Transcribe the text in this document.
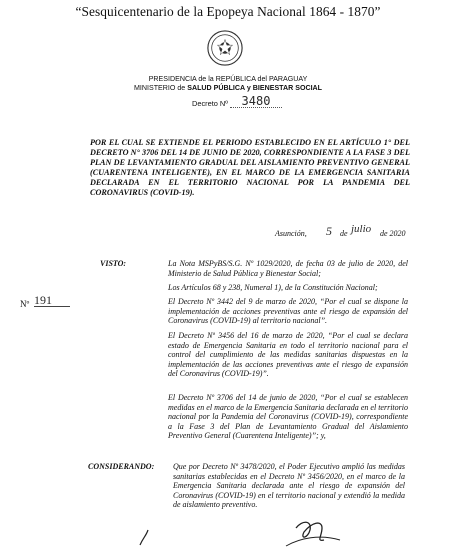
“Sesquicentenario de la Epopeya Nacional 1864 - 1870”
PRESIDENCIA de la REPÚBLICA del PARAGUAY
MINISTERIO de SALUD PÚBLICA y BIENESTAR SOCIAL
Decreto Nº	3480
POR EL CUAL SE EXTIENDE EL PERIODO ESTABLECIDO EN EL ARTÍCULO 1° DEL DECRETO N° 3706 DEL 14 DE JUNIO DE 2020, CORRESPONDIENTE A LA FASE 3 DEL PLAN DE LEVANTAMIENTO GRADUAL DEL AISLAMIENTO PREVENTIVO GENERAL (CUARENTENA INTELIGENTE), EN EL MARCO DE LA EMERGENCIA SANITARIA DECLARADA EN EL TERRITORIO NACIONAL POR LA PANDEMIA DEL CORONAVIRUS (COVID-19).
Asunción, 5 de julio de 2020
VISTO:	La Nota MSPyBS/S.G. Nº 1029/2020, de fecha 03 de julio de 2020, del Ministerio de Salud Pública y Bienestar Social;
Los Artículos 68 y 238, Numeral 1), de la Constitución Nacional;
El Decreto Nº 3442 del 9 de marzo de 2020, “Por el cual se dispone la implementación de acciones preventivas ante el riesgo de expansión del Coronavirus (COVID-19) al territorio nacional”.
El Decreto Nº 3456 del 16 de marzo de 2020, “Por el cual se declara estado de Emergencia Sanitaria en todo el territorio nacional para el control del cumplimiento de las medidas sanitarias dispuestas en la implementación de las acciones preventivas ante el riesgo de expansión del Coronavirus (COVID-19)”.
El Decreto Nº 3706 del 14 de junio de 2020, “Por el cual se establecen medidas en el marco de la Emergencia Sanitaria declarada en el territorio nacional por la Pandemia del Coronavirus (COVID-19), correspondiente a la Fase 3 del Plan de Levantamiento Gradual del Aislamiento Preventivo General (Cuarentena Inteligente)”; y,
Nº 191
CONSIDERANDO: Que por Decreto Nº 3478/2020, el Poder Ejecutivo amplió las medidas sanitarias establecidas en el Decreto Nº 3456/2020, en el marco de la Emergencia Sanitaria declarada ante el riesgo de expansión del Coronavirus (COVID-19) en el territorio nacional y extendió la medida de aislamiento preventivo.
